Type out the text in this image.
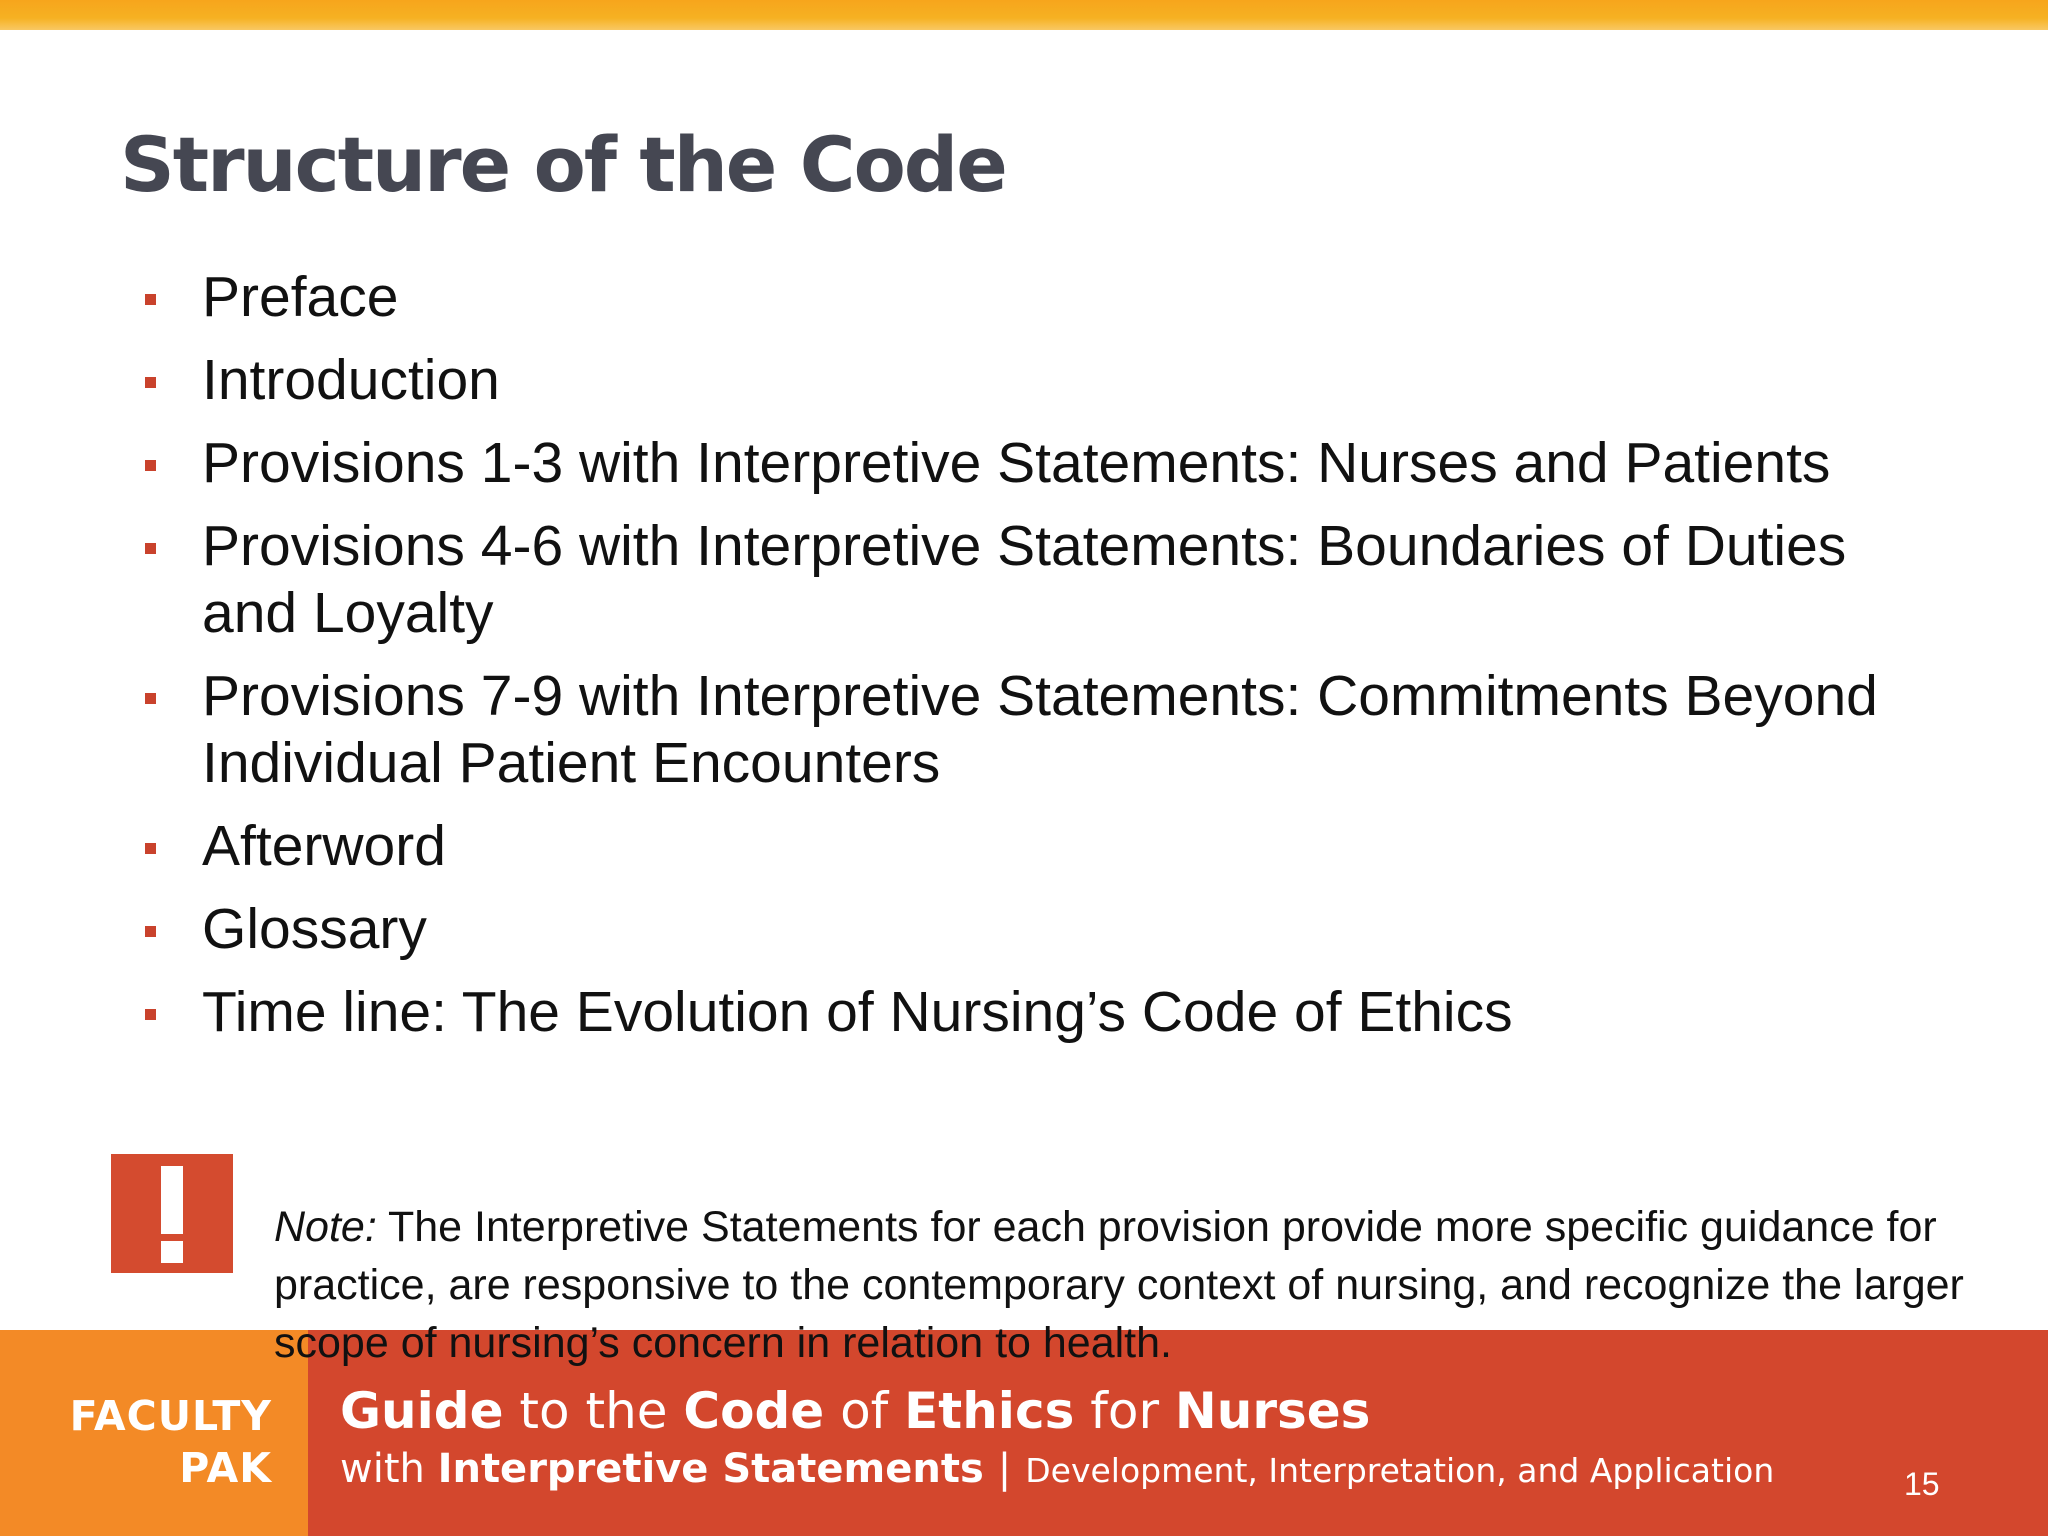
Structure of the Code
Preface
Introduction
Provisions 1-3 with Interpretive Statements: Nurses and Patients
Provisions 4-6 with Interpretive Statements: Boundaries of Duties and Loyalty
Provisions 7-9 with Interpretive Statements: Commitments Beyond Individual Patient Encounters
Afterword
Glossary
Time line: The Evolution of Nursing’s Code of Ethics

Note: The Interpretive Statements for each provision provide more specific guidance for practice, are responsive to the contemporary context of nursing, and recognize the larger scope of nursing’s concern in relation to health.

FACULTY
PAK
Guide to the Code of Ethics for Nurses
with Interpretive Statements | Development, Interpretation, and Application	15
